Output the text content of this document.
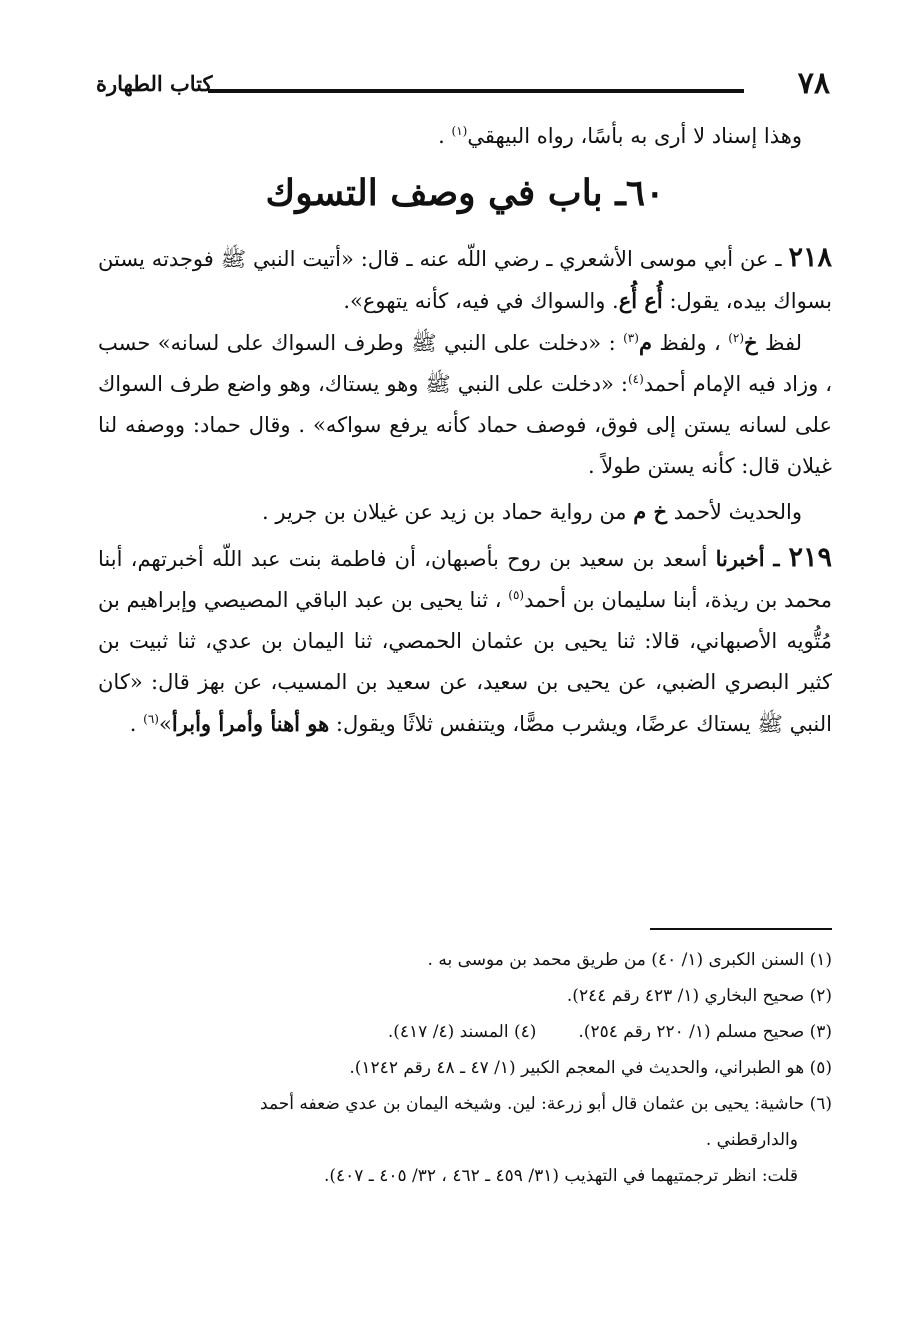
٧٨
كتاب الطهارة

وهذا إسناد لا أرى به بأسًا، رواه البيهقي$^{(١)}$ .

٦٠ـ باب في وصف التسوك

٢١٨ ـ عن أبي موسى الأشعري ـ رضي اللّه عنه ـ قال: «أتيت النبي ﷺ فوجدته يستن بسواك بيده، يقول: أُع أُع. والسواك في فيه، كأنه يتهوع».

لفظ خ$^{(٢)}$ ، ولفظ م$^{(٣)}$ : «دخلت على النبي ﷺ وطرف السواك على لسانه» حسب ، وزاد فيه الإمام أحمد$^{(٤)}$: «دخلت على النبي ﷺ وهو يستاك، وهو واضع طرف السواك على لسانه يستن إلى فوق، فوصف حماد كأنه يرفع سواكه» . وقال حماد: ووصفه لنا غيلان قال: كأنه يستن طولاً .

والحديث لأحمد خ م من رواية حماد بن زيد عن غيلان بن جرير .

٢١٩ ـ أخبرنا أسعد بن سعيد بن روح بأصبهان، أن فاطمة بنت عبد اللّه أخبرتهم، أبنا محمد بن ريذة، أبنا سليمان بن أحمد$^{(٥)}$ ، ثنا يحيى بن عبد الباقي المصيصي وإبراهيم بن مُتُّويه الأصبهاني، قالا: ثنا يحيى بن عثمان الحمصي، ثنا اليمان بن عدي، ثنا ثبيت بن كثير البصري الضبي، عن يحيى بن سعيد، عن سعيد بن المسيب، عن بهز قال: «كان النبي ﷺ يستاك عرضًا، ويشرب مصًّا، ويتنفس ثلاثًا ويقول: هو أهنأ وأمرأ وأبرأ»$^{(٦)}$ .

(١) السنن الكبرى (١/ ٤٠) من طريق محمد بن موسى به .

(٢) صحيح البخاري (١/ ٤٢٣ رقم ٢٤٤).

(٣) صحيح مسلم (١/ ٢٢٠ رقم ٢٥٤).(٤) المسند (٤/ ٤١٧).

(٥) هو الطبراني، والحديث في المعجم الكبير (١/ ٤٧ ـ ٤٨ رقم ١٢٤٢).

(٦) حاشية: يحيى بن عثمان قال أبو زرعة: لين. وشيخه اليمان بن عدي ضعفه أحمد

والدارقطني .

قلت: انظر ترجمتيهما في التهذيب (٣١/ ٤٥٩ ـ ٤٦٢ ، ٣٢/ ٤٠٥ ـ ٤٠٧).
